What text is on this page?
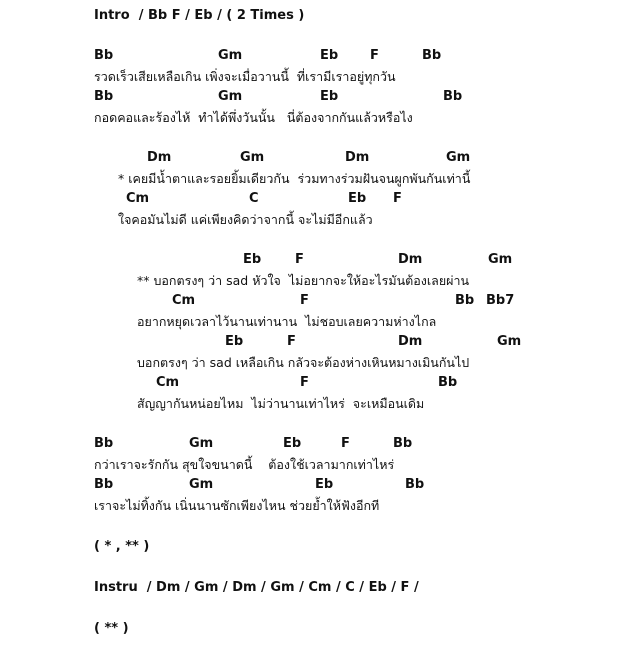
Intro  / Bb F / Eb / ( 2 Times )
Bb	Gm	Eb F	Bb
รวดเร็วเสียเหลือเกิน เพิ่งจะเมื่อวานนี้  ที่เรามีเราอยู่ทุกวัน
Bb	Gm	Eb	Bb
กอดคอและร้องไห้  ทำได้พึ่งวันนั้น   นี่ต้องจากกันแล้วหรือไง
Dm	Gm	Dm	Gm
* เคยมีน้ำตาและรอยยิ้มเดียวกัน  ร่วมทางร่วมฝันจนผูกพันกันเท่านี้
Cm	C	Eb F
ใจคอมันไม่ดี แค่เพียงคิดว่าจากนี้ จะไม่มีอีกแล้ว
Eb	F	Dm	Gm
** บอกตรงๆ ว่า sad หัวใจ  ไม่อยากจะให้อะไรมันต้องเลยผ่าน
Cm	F	Bb Bb7
อยากหยุดเวลาไว้นานเท่านาน  ไม่ชอบเลยความห่างไกล
Eb	F	Dm	Gm
บอกตรงๆ ว่า sad เหลือเกิน กลัวจะต้องห่างเหินหมางเมินกันไป
Cm	F	Bb
สัญญากันหน่อยไหม  ไม่ว่านานเท่าไหร่  จะเหมือนเดิม
Bb	Gm	Eb	F	Bb
กว่าเราจะรักกัน สุขใจขนาดนี้    ต้องใช้เวลามากเท่าไหร่
Bb	Gm	Eb	Bb
เราจะไม่ทิ้งกัน เนิ่นนานซักเพียงไหน ช่วยย้ำให้ฟังอีกที
( * , ** )
Instru  / Dm / Gm / Dm / Gm / Cm / C / Eb / F /
( ** )
